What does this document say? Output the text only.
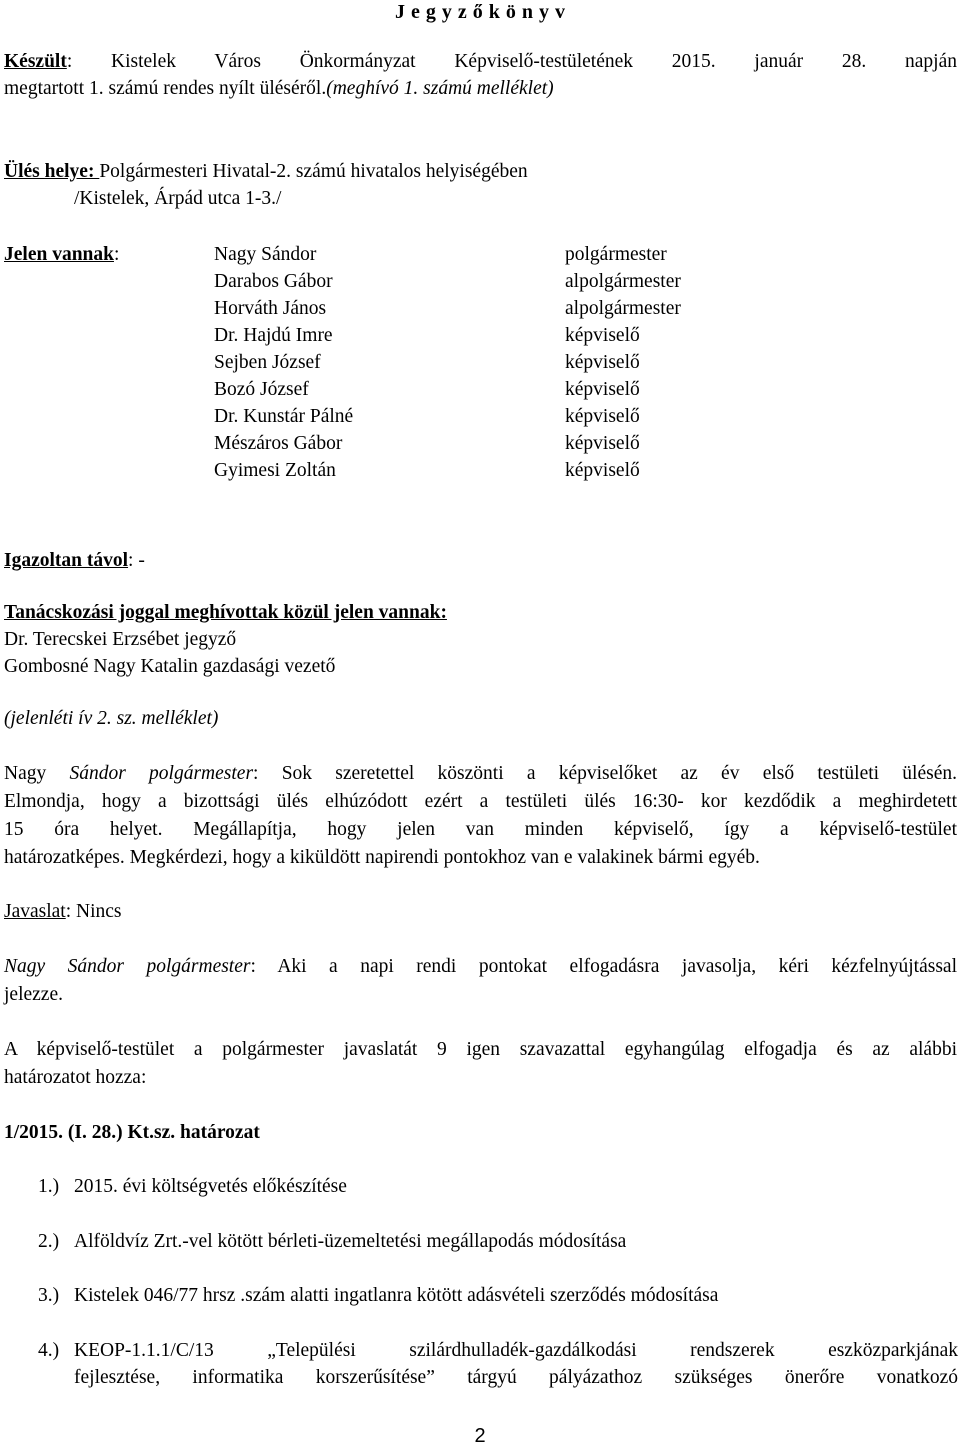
J e g y z ő k ö n y v
Készült: Kistelek Város Önkormányzat Képviselő-testületének 2015. január 28. napján
megtartott 1. számú rendes nyílt üléséről.(meghívó 1. számú melléklet)
Ülés helye: Polgármesteri Hivatal-2. számú hivatalos helyiségében
/Kistelek, Árpád utca 1-3./
Jelen vannak:	Nagy Sándor
Darabos Gábor
Horváth János
Dr. Hajdú Imre
Sejben József
Bozó József
Dr. Kunstár Pálné
Mészáros Gábor
Gyimesi Zoltán
polgármester
alpolgármester
alpolgármester
képviselő
képviselő
képviselő
képviselő
képviselő
képviselő
Igazoltan távol: -
Tanácskozási joggal meghívottak közül jelen vannak:
Dr. Terecskei Erzsébet jegyző
Gombosné Nagy Katalin gazdasági vezető
(jelenléti ív 2. sz. melléklet)
Nagy Sándor polgármester: Sok szeretettel köszönti a képviselőket az év első testületi ülésén.
Elmondja, hogy a bizottsági ülés elhúzódott ezért a testületi ülés 16:30- kor kezdődik a meghirdetett
15 óra helyet. Megállapítja, hogy jelen van minden képviselő, így a képviselő-testület
határozatképes. Megkérdezi, hogy a kiküldött napirendi pontokhoz van e valakinek bármi egyéb.
Javaslat: Nincs
Nagy Sándor polgármester: Aki a napi rendi pontokat elfogadásra javasolja, kéri kézfelnyújtással
jelezze.
A képviselő-testület a polgármester javaslatát 9 igen szavazattal egyhangúlag elfogadja és az alábbi
határozatot hozza:
1/2015. (I. 28.) Kt.sz. határozat
1.) 2015. évi költségvetés előkészítése
2.) Alföldvíz Zrt.-vel kötött bérleti-üzemeltetési megállapodás módosítása
3.) Kistelek 046/77 hrsz .szám alatti ingatlanra kötött adásvételi szerződés módosítása
4.) KEOP-1.1.1/C/13 „Települési szilárdhulladék-gazdálkodási rendszerek eszközparkjának
fejlesztése, informatika korszerűsítése” tárgyú pályázathoz szükséges önerőre vonatkozó
2
